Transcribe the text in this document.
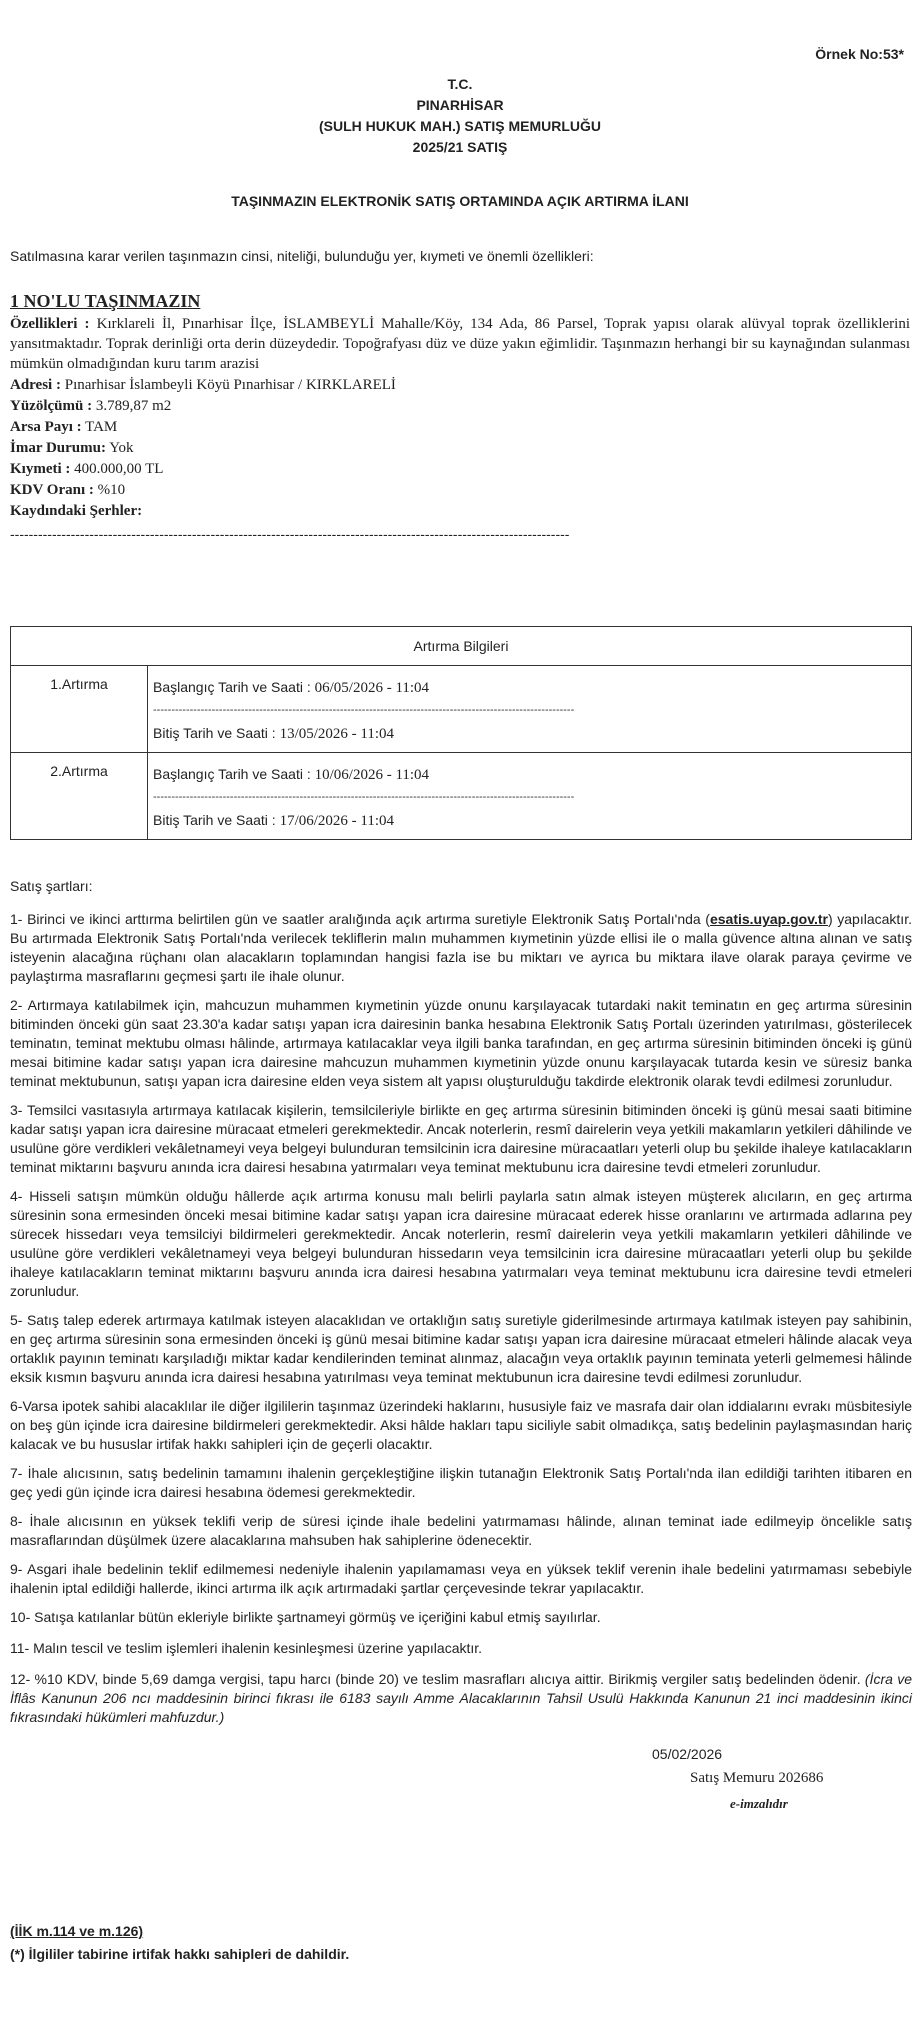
Örnek No:53*
T.C.
PINARHİSAR
(SULH HUKUK MAH.) SATIŞ MEMURLUĞU
2025/21 SATIŞ
TAŞINMAZIN ELEKTRONİK SATIŞ ORTAMINDA AÇIK ARTIRMA İLANI
Satılmasına karar verilen taşınmazın cinsi, niteliği, bulunduğu yer, kıymeti ve önemli özellikleri:
1 NO'LU TAŞINMAZIN
Özellikleri : Kırklareli İl, Pınarhisar İlçe, İSLAMBEYLİ Mahalle/Köy, 134 Ada, 86 Parsel, Toprak yapısı olarak alüvyal toprak özelliklerini yansıtmaktadır. Toprak derinliği orta derin düzeydedir. Topoğrafyası düz ve düze yakın eğimlidir. Taşınmazın herhangi bir su kaynağından sulanması mümkün olmadığından kuru tarım arazisi
Adresi : Pınarhisar İslambeyli Köyü Pınarhisar / KIRKLARELİ
Yüzölçümü : 3.789,87 m2
Arsa Payı : TAM
İmar Durumu: Yok
Kıymeti : 400.000,00 TL
KDV Oranı : %10
Kaydındaki Şerhler:
------------------------------------------------------------------------------------------------------------------------
Artırma Bilgileri	
1.Artırma	Başlangıç Tarih ve Saati : 06/05/2026 - 11:04
-------------------------------------------------------------------------------------------------------------------
Bitiş Tarih ve Saati : 13/05/2026 - 11:04

2.Artırma	Başlangıç Tarih ve Saati : 10/06/2026 - 11:04
-------------------------------------------------------------------------------------------------------------------
Bitiş Tarih ve Saati : 17/06/2026 - 11:04
Satış şartları:

1- Birinci ve ikinci arttırma belirtilen gün ve saatler aralığında açık artırma suretiyle Elektronik Satış Portalı'nda (esatis.uyap.gov.tr) yapılacaktır. Bu artırmada Elektronik Satış Portalı'nda verilecek tekliflerin malın muhammen kıymetinin yüzde ellisi ile o malla güvence altına alınan ve satış isteyenin alacağına rüçhanı olan alacakların toplamından hangisi fazla ise bu miktarı ve ayrıca bu miktara ilave olarak paraya çevirme ve paylaştırma masraflarını geçmesi şartı ile ihale olunur.

2- Artırmaya katılabilmek için, mahcuzun muhammen kıymetinin yüzde onunu karşılayacak tutardaki nakit teminatın en geç artırma süresinin bitiminden önceki gün saat 23.30'a kadar satışı yapan icra dairesinin banka hesabına Elektronik Satış Portalı üzerinden yatırılması, gösterilecek teminatın, teminat mektubu olması hâlinde, artırmaya katılacaklar veya ilgili banka tarafından, en geç artırma süresinin bitiminden önceki iş günü mesai bitimine kadar satışı yapan icra dairesine mahcuzun muhammen kıymetinin yüzde onunu karşılayacak tutarda kesin ve süresiz banka teminat mektubunun, satışı yapan icra dairesine elden veya sistem alt yapısı oluşturulduğu takdirde elektronik olarak tevdi edilmesi zorunludur.

3- Temsilci vasıtasıyla artırmaya katılacak kişilerin, temsilcileriyle birlikte en geç artırma süresinin bitiminden önceki iş günü mesai saati bitimine kadar satışı yapan icra dairesine müracaat etmeleri gerekmektedir. Ancak noterlerin, resmî dairelerin veya yetkili makamların yetkileri dâhilinde ve usulüne göre verdikleri vekâletnameyi veya belgeyi bulunduran temsilcinin icra dairesine müracaatları yeterli olup bu şekilde ihaleye katılacakların teminat miktarını başvuru anında icra dairesi hesabına yatırmaları veya teminat mektubunu icra dairesine tevdi etmeleri zorunludur.

4- Hisseli satışın mümkün olduğu hâllerde açık artırma konusu malı belirli paylarla satın almak isteyen müşterek alıcıların, en geç artırma süresinin sona ermesinden önceki mesai bitimine kadar satışı yapan icra dairesine müracaat ederek hisse oranlarını ve artırmada adlarına pey sürecek hissedarı veya temsilciyi bildirmeleri gerekmektedir. Ancak noterlerin, resmî dairelerin veya yetkili makamların yetkileri dâhilinde ve usulüne göre verdikleri vekâletnameyi veya belgeyi bulunduran hissedarın veya temsilcinin icra dairesine müracaatları yeterli olup bu şekilde ihaleye katılacakların teminat miktarını başvuru anında icra dairesi hesabına yatırmaları veya teminat mektubunu icra dairesine tevdi etmeleri zorunludur.

5- Satış talep ederek artırmaya katılmak isteyen alacaklıdan ve ortaklığın satış suretiyle giderilmesinde artırmaya katılmak isteyen pay sahibinin, en geç artırma süresinin sona ermesinden önceki iş günü mesai bitimine kadar satışı yapan icra dairesine müracaat etmeleri hâlinde alacak veya ortaklık payının teminatı karşıladığı miktar kadar kendilerinden teminat alınmaz, alacağın veya ortaklık payının teminata yeterli gelmemesi hâlinde eksik kısmın başvuru anında icra dairesi hesabına yatırılması veya teminat mektubunun icra dairesine tevdi edilmesi zorunludur.

6-Varsa ipotek sahibi alacaklılar ile diğer ilgililerin taşınmaz üzerindeki haklarını, hususiyle faiz ve masrafa dair olan iddialarını evrakı müsbitesiyle on beş gün içinde icra dairesine bildirmeleri gerekmektedir. Aksi hâlde hakları tapu siciliyle sabit olmadıkça, satış bedelinin paylaşmasından hariç kalacak ve bu hususlar irtifak hakkı sahipleri için de geçerli olacaktır.

7- İhale alıcısının, satış bedelinin tamamını ihalenin gerçekleştiğine ilişkin tutanağın Elektronik Satış Portalı'nda ilan edildiği tarihten itibaren en geç yedi gün içinde icra dairesi hesabına ödemesi gerekmektedir.

8- İhale alıcısının en yüksek teklifi verip de süresi içinde ihale bedelini yatırmaması hâlinde, alınan teminat iade edilmeyip öncelikle satış masraflarından düşülmek üzere alacaklarına mahsuben hak sahiplerine ödenecektir.

9- Asgari ihale bedelinin teklif edilmemesi nedeniyle ihalenin yapılamaması veya en yüksek teklif verenin ihale bedelini yatırmaması sebebiyle ihalenin iptal edildiği hallerde, ikinci artırma ilk açık artırmadaki şartlar çerçevesinde tekrar yapılacaktır.

10- Satışa katılanlar bütün ekleriyle birlikte şartnameyi görmüş ve içeriğini kabul etmiş sayılırlar.

11- Malın tescil ve teslim işlemleri ihalenin kesinleşmesi üzerine yapılacaktır.

12- %10 KDV, binde 5,69 damga vergisi, tapu harcı (binde 20) ve teslim masrafları alıcıya aittir. Birikmiş vergiler satış bedelinden ödenir. (İcra ve İflâs Kanunun 206 ncı maddesinin birinci fıkrası ile 6183 sayılı Amme Alacaklarının Tahsil Usulü Hakkında Kanunun 21 inci maddesinin ikinci fıkrasındaki hükümleri mahfuzdur.)

05/02/2026
Satış Memuru 202686
e-imzalıdır
(İİK m.114 ve m.126)
(*) İlgililer tabirine irtifak hakkı sahipleri de dahildir.
